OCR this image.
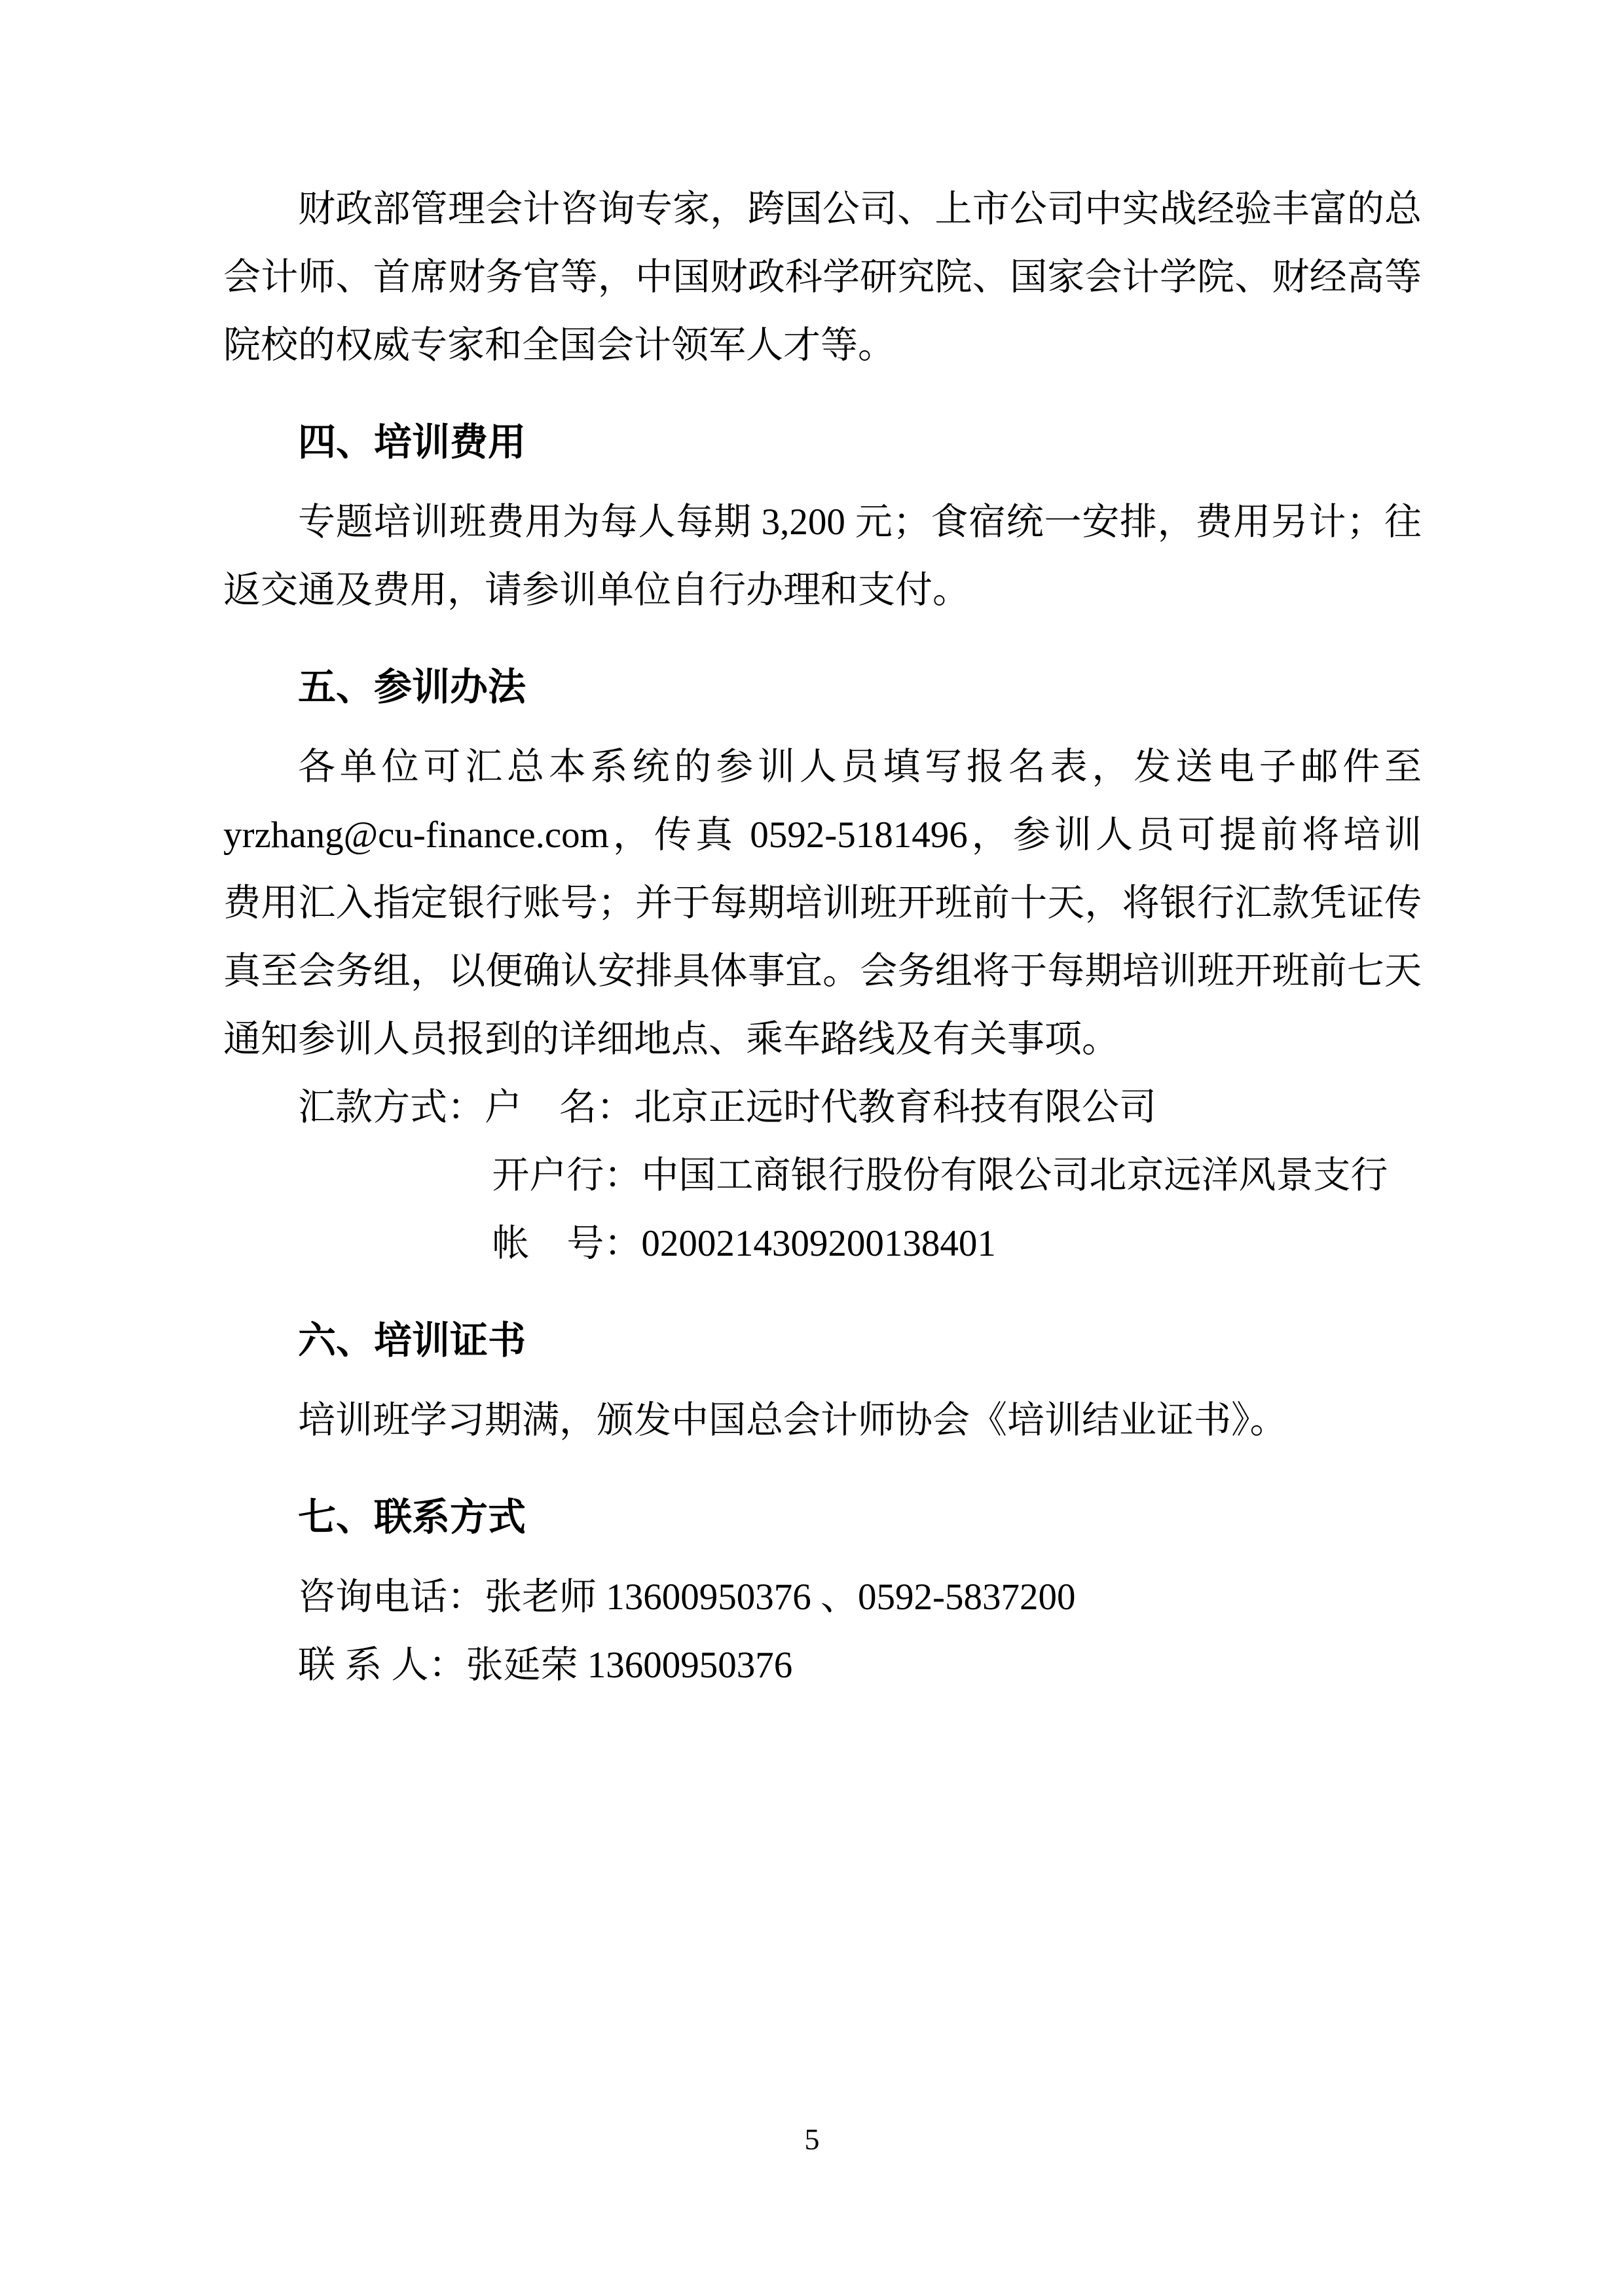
财政部管理会计咨询专家，跨国公司、上市公司中实战经验丰富的总
会计师、首席财务官等，中国财政科学研究院、国家会计学院、财经高等
院校的权威专家和全国会计领军人才等。
四、培训费用
专题培训班费用为每人每期 3,200 元；食宿统一安排，费用另计；往
返交通及费用，请参训单位自行办理和支付。
五、参训办法
各单位可汇总本系统的参训人员填写报名表，发送电子邮件至
yrzhang@cu-finance.com，传真 0592-5181496，参训人员可提前将培训
费用汇入指定银行账号；并于每期培训班开班前十天，将银行汇款凭证传
真至会务组，以便确认安排具体事宜。会务组将于每期培训班开班前七天
通知参训人员报到的详细地点、乘车路线及有关事项。
汇款方式：户　名：北京正远时代教育科技有限公司
开户行：中国工商银行股份有限公司北京远洋风景支行
帐　号：0200214309200138401
六、培训证书
培训班学习期满，颁发中国总会计师协会《培训结业证书》。
七、联系方式
咨询电话：张老师 13600950376 、0592-5837200
联 系 人：张延荣 13600950376
5
